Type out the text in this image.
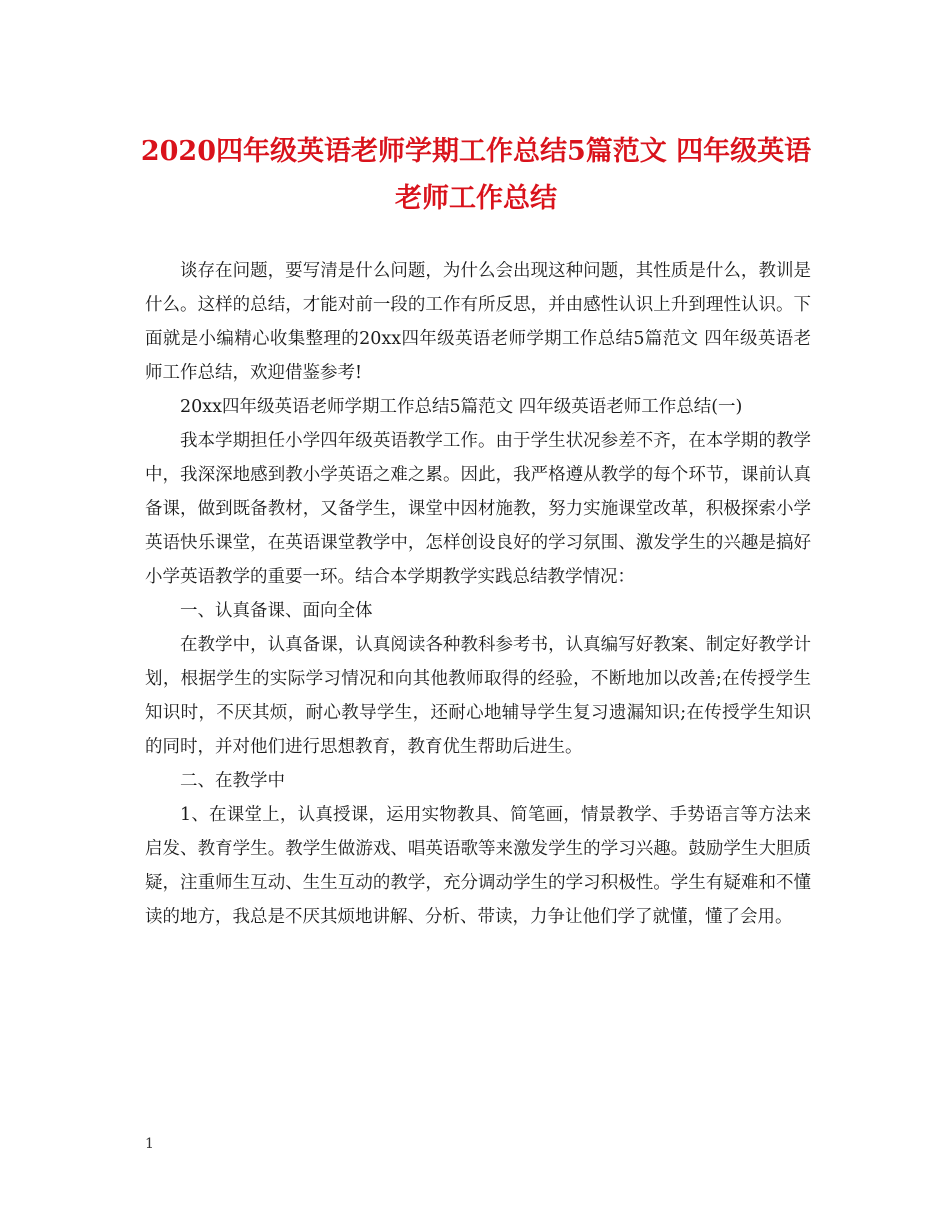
2020四年级英语老师学期工作总结5篇范文 四年级英语老师工作总结

谈存在问题，要写清是什么问题，为什么会出现这种问题，其性质是什么，教训是什么。这样的总结，才能对前一段的工作有所反思，并由感性认识上升到理性认识。下面就是小编精心收集整理的20xx四年级英语老师学期工作总结5篇范文 四年级英语老师工作总结，欢迎借鉴参考!

20xx四年级英语老师学期工作总结5篇范文 四年级英语老师工作总结(一)

我本学期担任小学四年级英语教学工作。由于学生状况参差不齐，在本学期的教学中，我深深地感到教小学英语之难之累。因此，我严格遵从教学的每个环节，课前认真备课，做到既备教材，又备学生，课堂中因材施教，努力实施课堂改革，积极探索小学英语快乐课堂，在英语课堂教学中，怎样创设良好的学习氛围、激发学生的兴趣是搞好小学英语教学的重要一环。结合本学期教学实践总结教学情况：

一、认真备课、面向全体

在教学中，认真备课，认真阅读各种教科参考书，认真编写好教案、制定好教学计划，根据学生的实际学习情况和向其他教师取得的经验，不断地加以改善;在传授学生知识时，不厌其烦，耐心教导学生，还耐心地辅导学生复习遗漏知识;在传授学生知识的同时，并对他们进行思想教育，教育优生帮助后进生。

二、在教学中

1、在课堂上，认真授课，运用实物教具、简笔画，情景教学、手势语言等方法来启发、教育学生。教学生做游戏、唱英语歌等来激发学生的学习兴趣。鼓励学生大胆质疑，注重师生互动、生生互动的教学，充分调动学生的学习积极性。学生有疑难和不懂读的地方，我总是不厌其烦地讲解、分析、带读，力争让他们学了就懂，懂了会用。

1
